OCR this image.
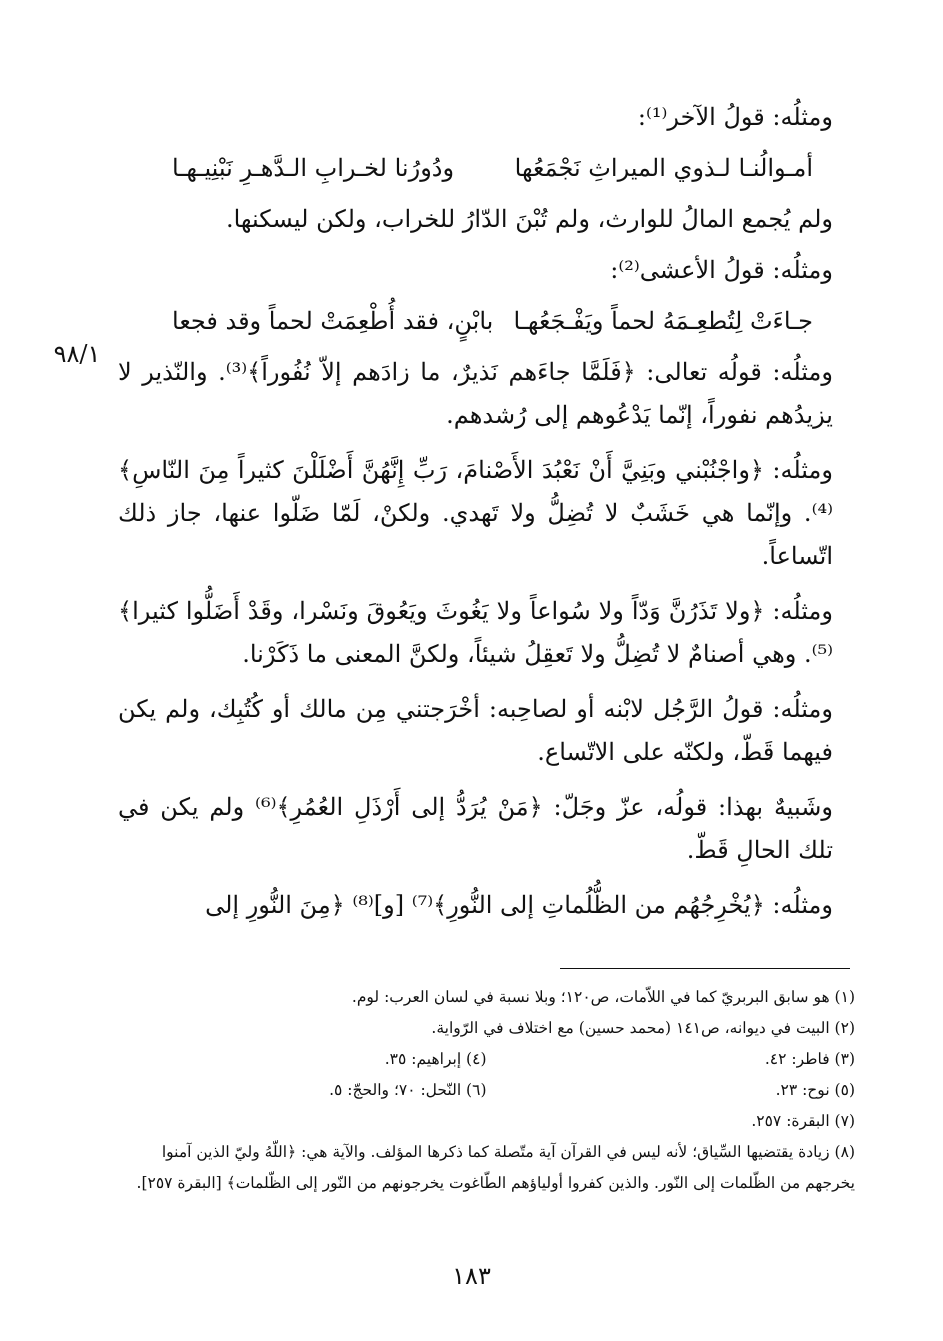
٩٨/١

ومثلُه: قولُ الآخر⁽¹⁾:

أمـوالُنـا لـذوي الميراثِ نَجْمَعُها
ودُورُنا لخـرابِ الـدَّهـرِ نَبْنِيـهـا

ولم يُجمع المالُ للوارث، ولم تُبْنَ الدّارُ للخراب، ولكن ليسكنها.

ومثلُه: قولُ الأعشى⁽²⁾:

جـاءَتْ لِتُطعِـمَهُ لحماً ويَفْـجَعُهـا
بابْنٍ، فقد أُطْعِمَتْ لحماً وقد فجعا

ومثلُه: قولُه تعالى: ﴿فَلَمَّا جاءَهم نَذيرٌ، ما زادَهم إلاّ نُفُوراً﴾⁽³⁾. والنّذير لا يزيدُهم نفوراً، إنّما يَدْعُوهم إلى رُشدهم.

ومثلُه: ﴿واجْنُبْني وبَنِيَّ أَنْ نَعْبُدَ الأَصْنامَ، رَبِّ إِنَّهُنَّ أَضْلَلْنَ كثيراً مِنَ النّاسِ﴾⁽⁴⁾. وإنّما هي خَشَبٌ لا تُضِلُّ ولا تَهدي. ولكنْ، لَمّا ضَلّوا عنها، جاز ذلك اتّساعاً.

ومثلُه: ﴿ولا تَذَرُنَّ وَدّاً ولا سُواعاً ولا يَغُوثَ ويَعُوقَ ونَسْرا، وقَدْ أَضَلُّوا كثيرا﴾⁽⁵⁾. وهي أصنامٌ لا تُضِلُّ ولا تَعقِلُ شيئاً، ولكنَّ المعنى ما ذَكَرْنا.

ومثلُه: قولُ الرَّجُل لابْنه أو لصاحِبه: أخْرَجتني مِن مالك أو كُتُبِك، ولم يكن فيهما قَطّ، ولكنّه على الاتّساع.

وشَبيهٌ بهذا: قولُه، عزّ وجَلّ: ﴿مَنْ يُرَدُّ إلى أَرْذَلِ العُمُرِ﴾⁽⁶⁾ ولم يكن في تلك الحالِ قَطّ.

ومثلُه: ﴿يُخْرِجُهُم من الظُّلُماتِ إلى النُّورِ﴾⁽⁷⁾ [و]⁽⁸⁾ ﴿مِنَ النُّورِ إلى

(١) هو سابق البربريّ كما في اللاّمات، ص١٢٠؛ وبلا نسبة في لسان العرب: لوم.

(٢) البيت في ديوانه، ص١٤١ (محمد حسين) مع اختلاف في الرّواية.

(٣) فاطر: ٤٢.

(٤) إبراهيم: ٣٥.

(٥) نوح: ٢٣.

(٦) النّحل: ٧٠؛ والحجّ: ٥.

(٧) البقرة: ٢٥٧.

(٨) زيادة يقتضيها السِّياق؛ لأنه ليس في القرآن آية متّصلة كما ذكرها المؤلف. والآية هي: ﴿اللّهُ وليّ الذين آمنوا يخرجهم من الظّلمات إلى النّور. والذين كفروا أولياؤهم الطّاغوت يخرجونهم من النّور إلى الظّلمات﴾ [البقرة ٢٥٧].

١٨٣
